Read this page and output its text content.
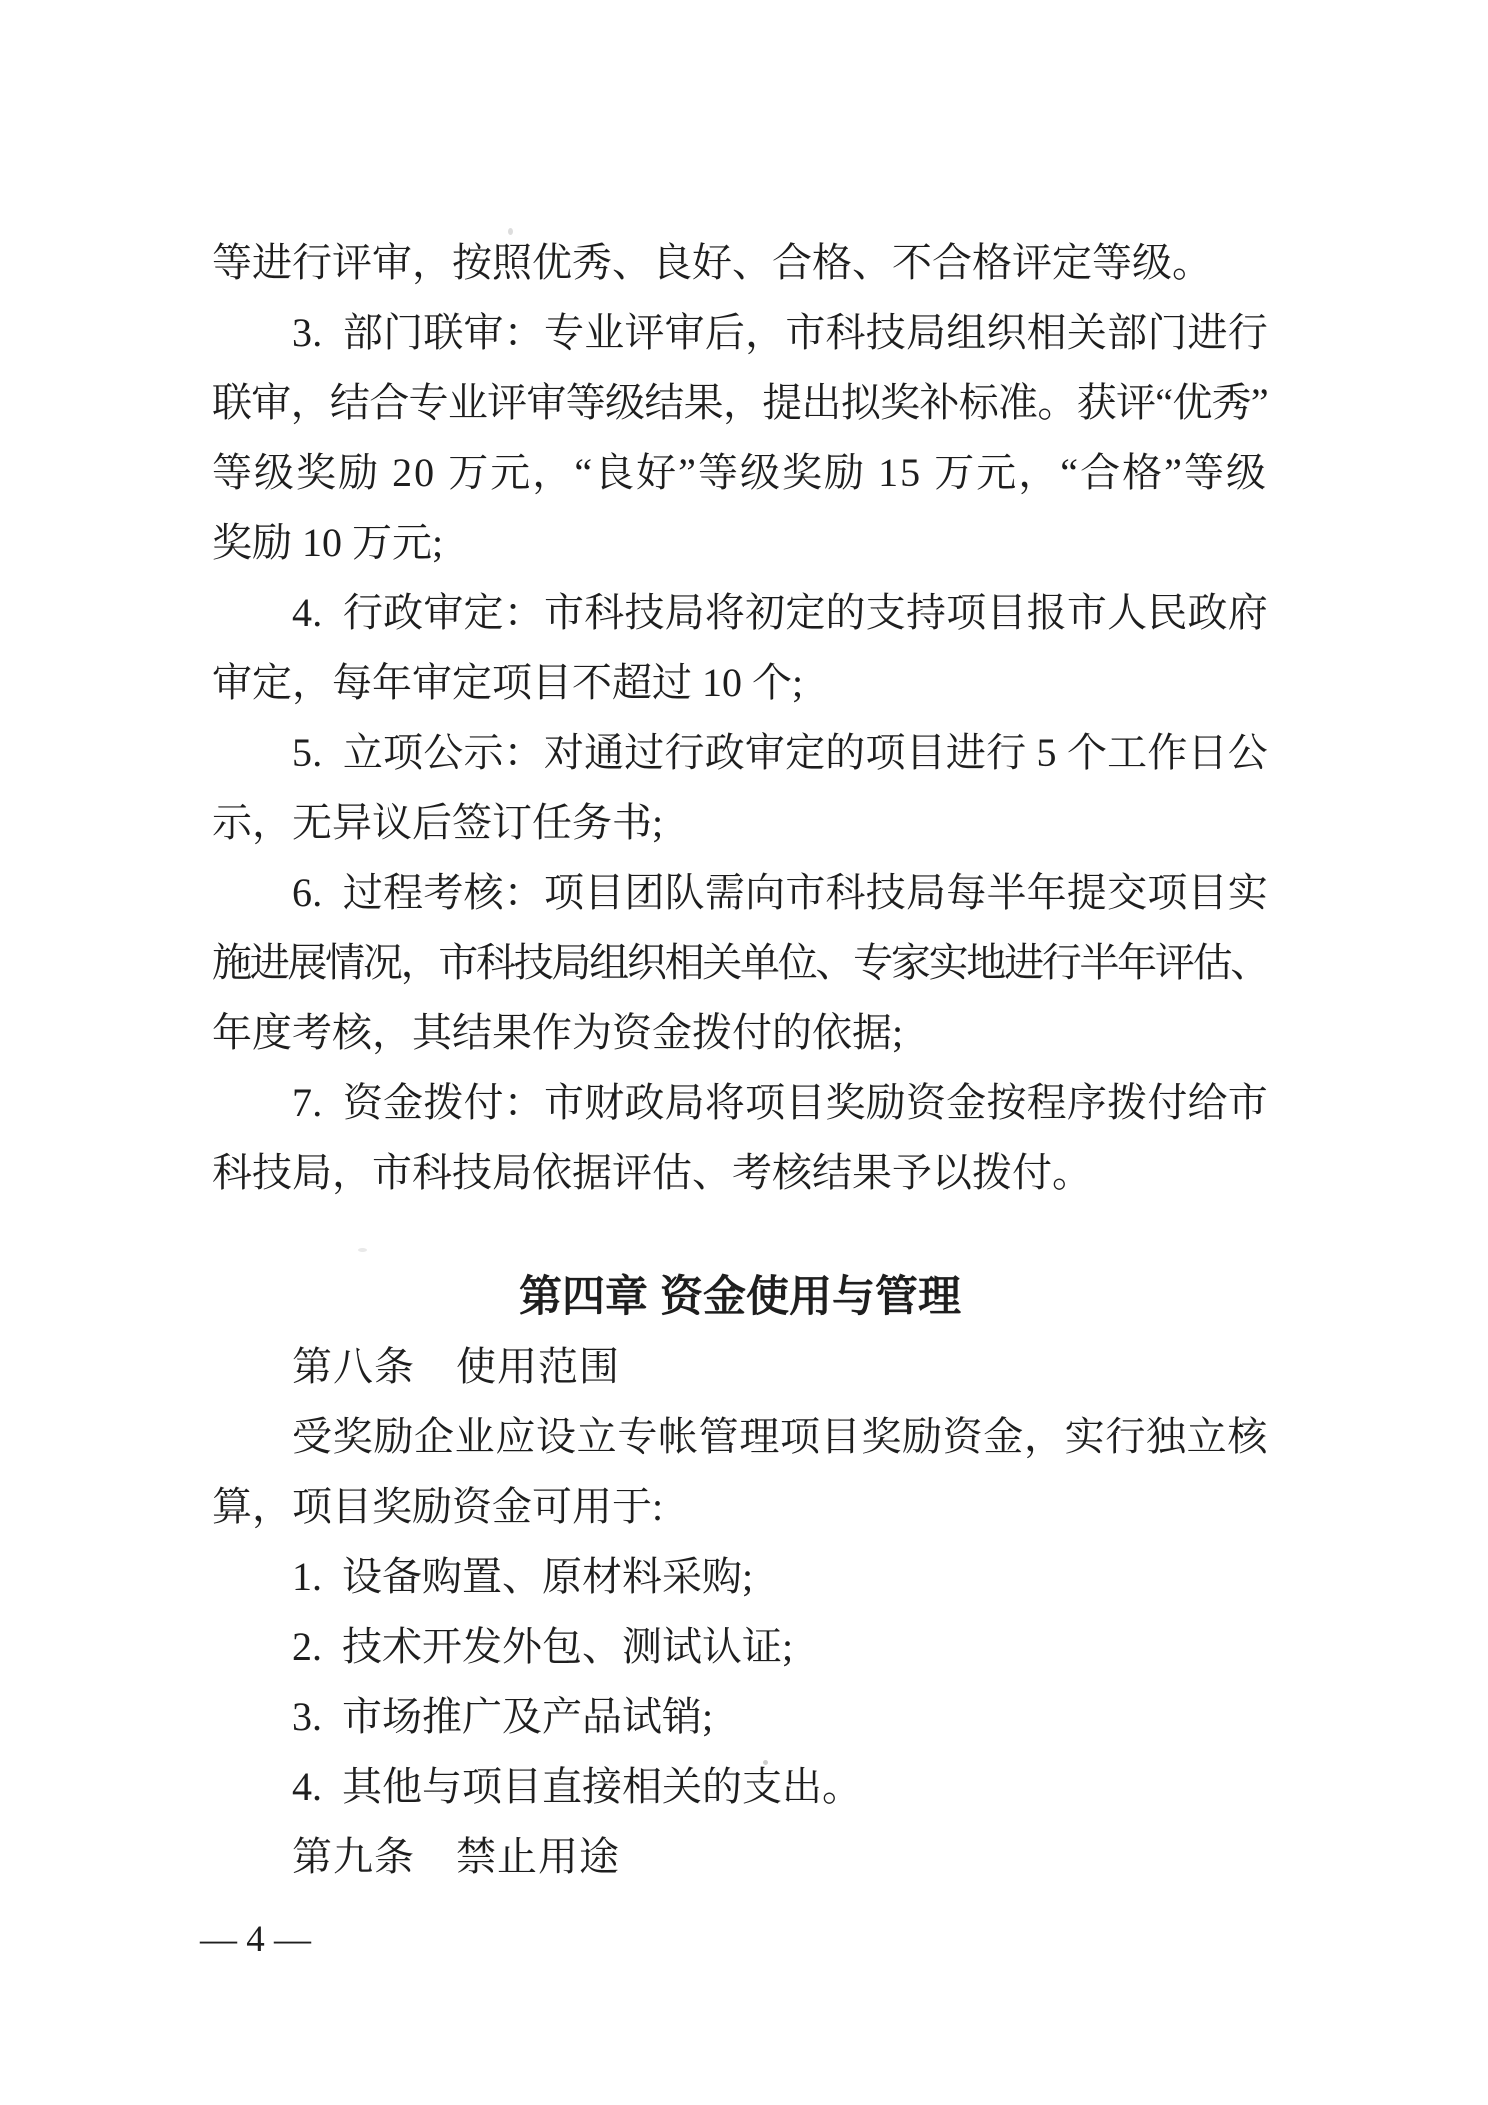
等进行评审，按照优秀、良好、合格、不合格评定等级。
3.  部门联审：专业评审后，市科技局组织相关部门进行
联审，结合专业评审等级结果，提出拟奖补标准。获评“优秀”
等级奖励 20 万元，“良好”等级奖励 15 万元，“合格”等级
奖励 10 万元;
4.  行政审定：市科技局将初定的支持项目报市人民政府
审定，每年审定项目不超过 10 个;
5.  立项公示：对通过行政审定的项目进行 5 个工作日公
示，无异议后签订任务书;
6.  过程考核：项目团队需向市科技局每半年提交项目实
施进展情况，市科技局组织相关单位、专家实地进行半年评估、
年度考核，其结果作为资金拨付的依据;
7.  资金拨付：市财政局将项目奖励资金按程序拨付给市
科技局，市科技局依据评估、考核结果予以拨付。
第四章 资金使用与管理
第八条　使用范围
受奖励企业应设立专帐管理项目奖励资金，实行独立核
算，项目奖励资金可用于:
1.  设备购置、原材料采购;
2.  技术开发外包、测试认证;
3.  市场推广及产品试销;
4.  其他与项目直接相关的支出。
第九条　禁止用途
— 4 —
